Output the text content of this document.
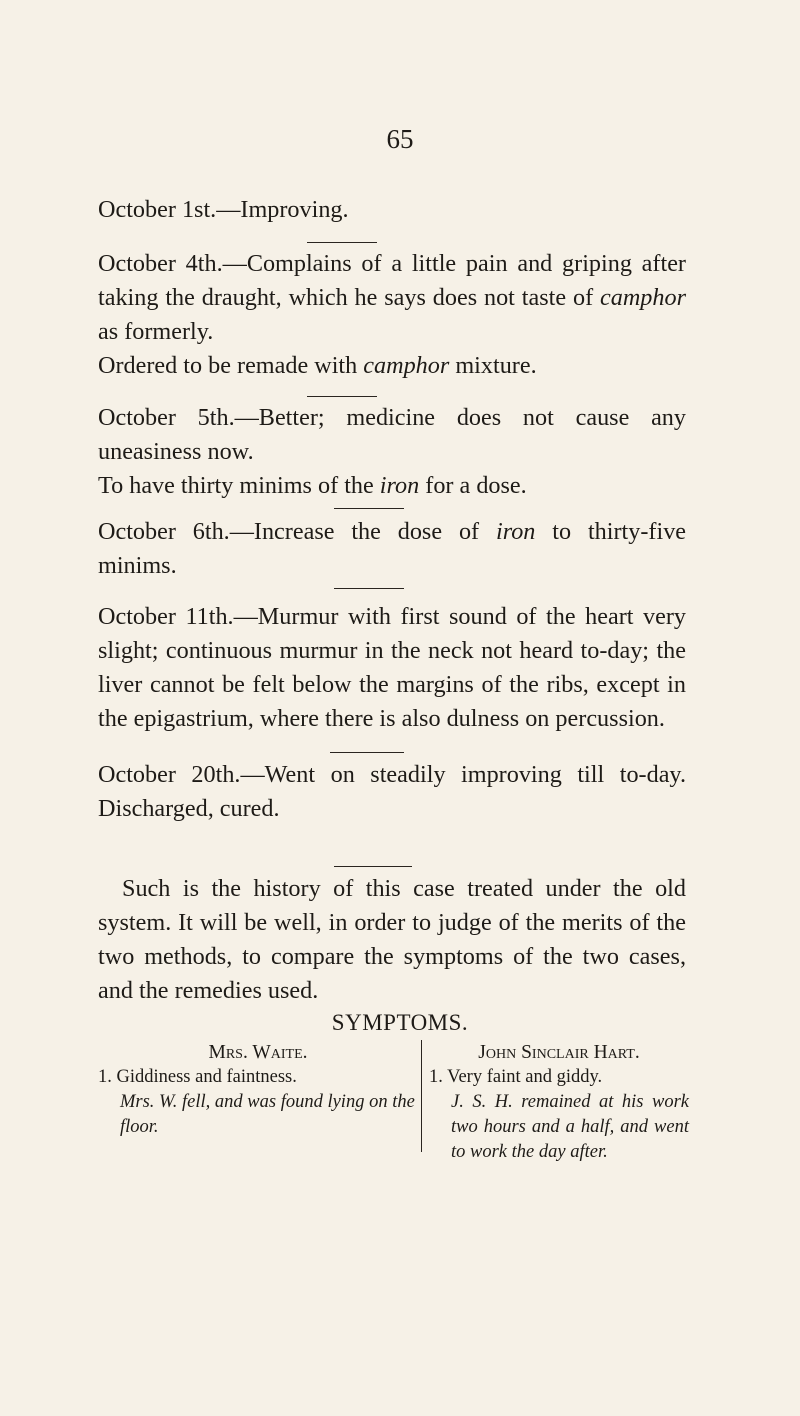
65

October 1st.—Improving.

October 4th.—Complains of a little pain and griping after taking the draught, which he says does not taste of camphor as formerly.

Ordered to be remade with camphor mixture.

October 5th.—Better; medicine does not cause any uneasiness now.

To have thirty minims of the iron for a dose.

October 6th.—Increase the dose of iron to thirty-five minims.

October 11th.—Murmur with first sound of the heart very slight; continuous murmur in the neck not heard to-day; the liver cannot be felt below the margins of the ribs, except in the epigastrium, where there is also dulness on percussion.

October 20th.—Went on steadily improving till to-day. Discharged, cured.

Such is the history of this case treated under the old system. It will be well, in order to judge of the merits of the two methods, to compare the symptoms of the two cases, and the remedies used.

SYMPTOMS.

Mrs. Waite.

1. Giddiness and faintness.

Mrs. W. fell, and was found lying on the floor.

John Sinclair Hart.

1. Very faint and giddy.

J. S. H. remained at his work two hours and a half, and went to work the day after.
